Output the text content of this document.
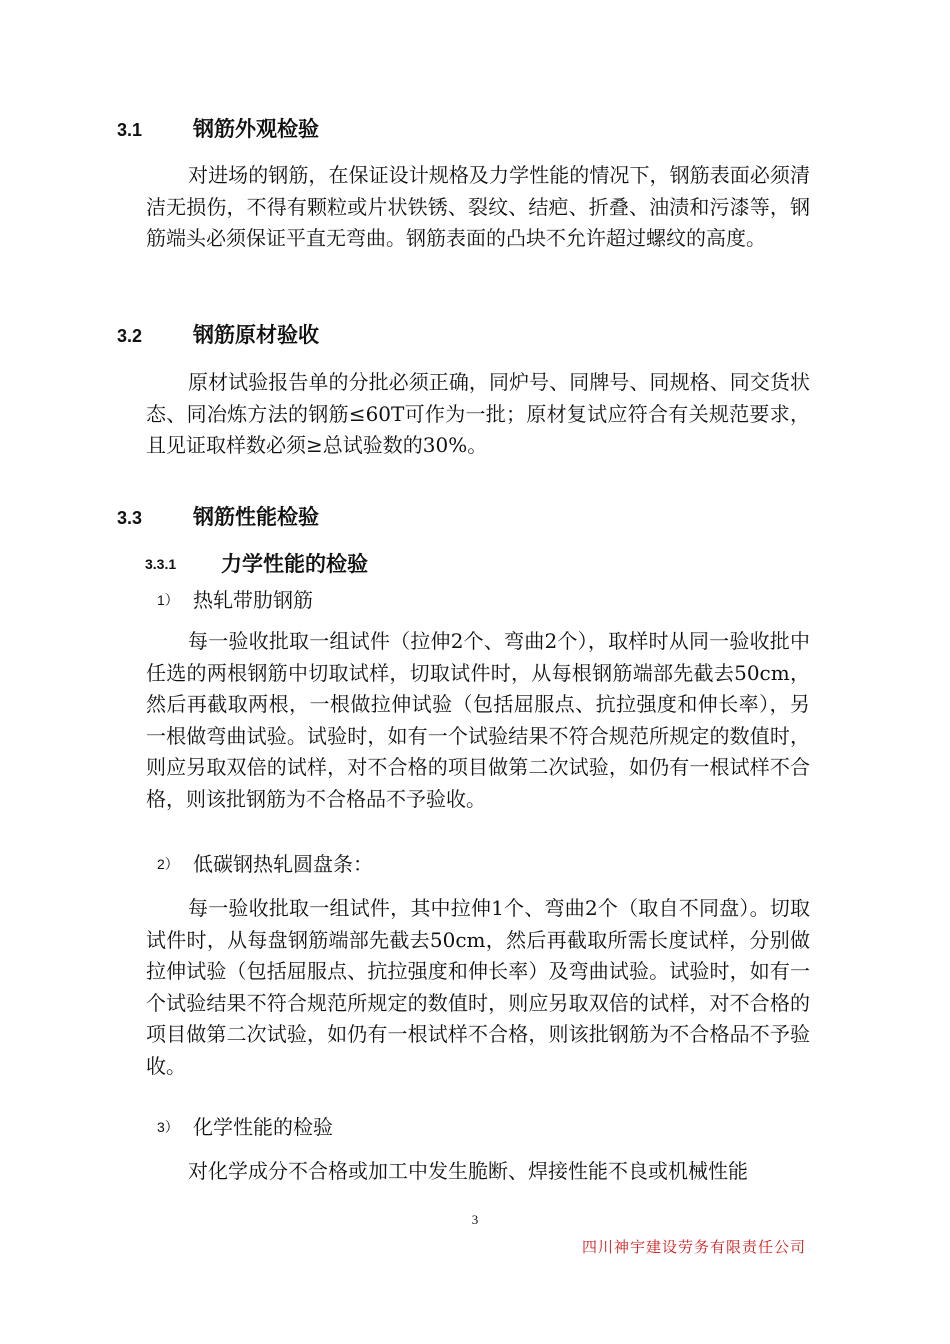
3.1 钢筋外观检验

对进场的钢筋，在保证设计规格及力学性能的情况下，钢筋表面必须清洁无损伤，不得有颗粒或片状铁锈、裂纹、结疤、折叠、油渍和污漆等，钢筋端头必须保证平直无弯曲。钢筋表面的凸块不允许超过螺纹的高度。

3.2 钢筋原材验收

原材试验报告单的分批必须正确，同炉号、同牌号、同规格、同交货状态、同冶炼方法的钢筋≤60T可作为一批；原材复试应符合有关规范要求，且见证取样数必须≥总试验数的30%。

3.3 钢筋性能检验
3.3.1 力学性能的检验
1） 热轧带肋钢筋

每一验收批取一组试件（拉伸2个、弯曲2个），取样时从同一验收批中任选的两根钢筋中切取试样，切取试件时，从每根钢筋端部先截去50cm，然后再截取两根，一根做拉伸试验（包括屈服点、抗拉强度和伸长率），另一根做弯曲试验。试验时，如有一个试验结果不符合规范所规定的数值时，则应另取双倍的试样，对不合格的项目做第二次试验，如仍有一根试样不合格，则该批钢筋为不合格品不予验收。

2） 低碳钢热轧圆盘条：

每一验收批取一组试件，其中拉伸1个、弯曲2个（取自不同盘）。切取试件时，从每盘钢筋端部先截去50cm，然后再截取所需长度试样，分别做拉伸试验（包括屈服点、抗拉强度和伸长率）及弯曲试验。试验时，如有一个试验结果不符合规范所规定的数值时，则应另取双倍的试样，对不合格的项目做第二次试验，如仍有一根试样不合格，则该批钢筋为不合格品不予验收。

3） 化学性能的检验

对化学成分不合格或加工中发生脆断、焊接性能不良或机械性能

3
四川神宇建设劳务有限责任公司
